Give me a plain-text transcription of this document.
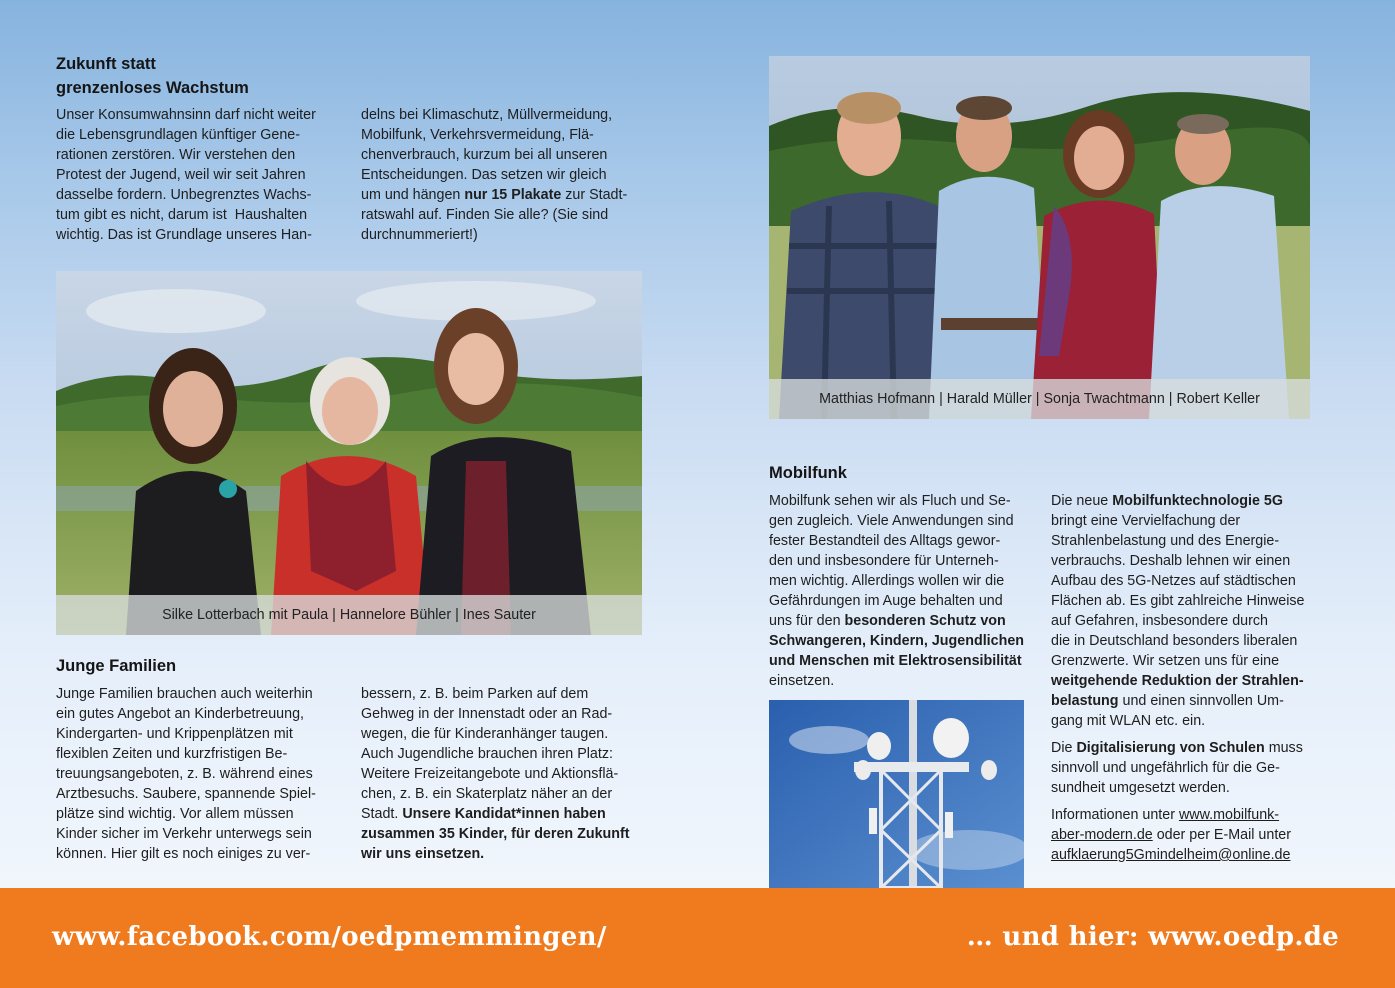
Zukunft statt
grenzenloses Wachstum
Unser Konsumwahnsinn darf nicht weiter
die Lebensgrundlagen künftiger Gene-
rationen zerstören. Wir verstehen den
Protest der Jugend, weil wir seit Jahren
dasselbe fordern. Unbegrenztes Wachs-
tum gibt es nicht, darum ist  Haushalten
wichtig. Das ist Grundlage unseres Han-
delns bei Klimaschutz, Müllvermeidung,
Mobilfunk, Verkehrsvermeidung, Flä-
chenverbrauch, kurzum bei all unseren
Entscheidungen. Das setzen wir gleich
um und hängen nur 15 Plakate zur Stadt-
ratswahl auf. Finden Sie alle? (Sie sind
durchnummeriert!)
Silke Lotterbach mit Paula | Hannelore Bühler | Ines Sauter
Junge Familien
Junge Familien brauchen auch weiterhin
ein gutes Angebot an Kinderbetreuung,
Kindergarten- und Krippenplätzen mit
flexiblen Zeiten und kurzfristigen Be-
treuungsangeboten, z. B. während eines
Arztbesuchs. Saubere, spannende Spiel-
plätze sind wichtig. Vor allem müssen
Kinder sicher im Verkehr unterwegs sein
können. Hier gilt es noch einiges zu ver-
bessern, z. B. beim Parken auf dem
Gehweg in der Innenstadt oder an Rad-
wegen, die für Kinderanhänger taugen.
Auch Jugendliche brauchen ihren Platz:
Weitere Freizeitangebote und Aktionsflä-
chen, z. B. ein Skaterplatz näher an der
Stadt. Unsere Kandidat*innen haben
zusammen 35 Kinder, für deren Zukunft
wir uns einsetzen.
Matthias Hofmann | Harald Müller | Sonja Twachtmann | Robert Keller
Mobilfunk
Mobilfunk sehen wir als Fluch und Se-
gen zugleich. Viele Anwendungen sind
fester Bestandteil des Alltags gewor-
den und insbesondere für Unterneh-
men wichtig. Allerdings wollen wir die
Gefährdungen im Auge behalten und
uns für den besonderen Schutz von
Schwangeren, Kindern, Jugendlichen
und Menschen mit Elektrosensibilität
einsetzen.

Die neue Mobilfunktechnologie 5G
bringt eine Vervielfachung der
Strahlenbelastung und des Energie-
verbrauchs. Deshalb lehnen wir einen
Aufbau des 5G-Netzes auf städtischen
Flächen ab. Es gibt zahlreiche Hinweise
auf Gefahren, insbesondere durch
die in Deutschland besonders liberalen
Grenzwerte. Wir setzen uns für eine
weitgehende Reduktion der Strahlen-
belastung und einen sinnvollen Um-
gang mit WLAN etc. ein.

Die Digitalisierung von Schulen muss
sinnvoll und ungefährlich für die Ge-
sundheit umgesetzt werden.

Informationen unter www.mobilfunk-
aber-modern.de oder per E-Mail unter
aufklaerung5Gmindelheim@online.de

www.facebook.com/oedpmemmingen/	… und hier: www.oedp.de
